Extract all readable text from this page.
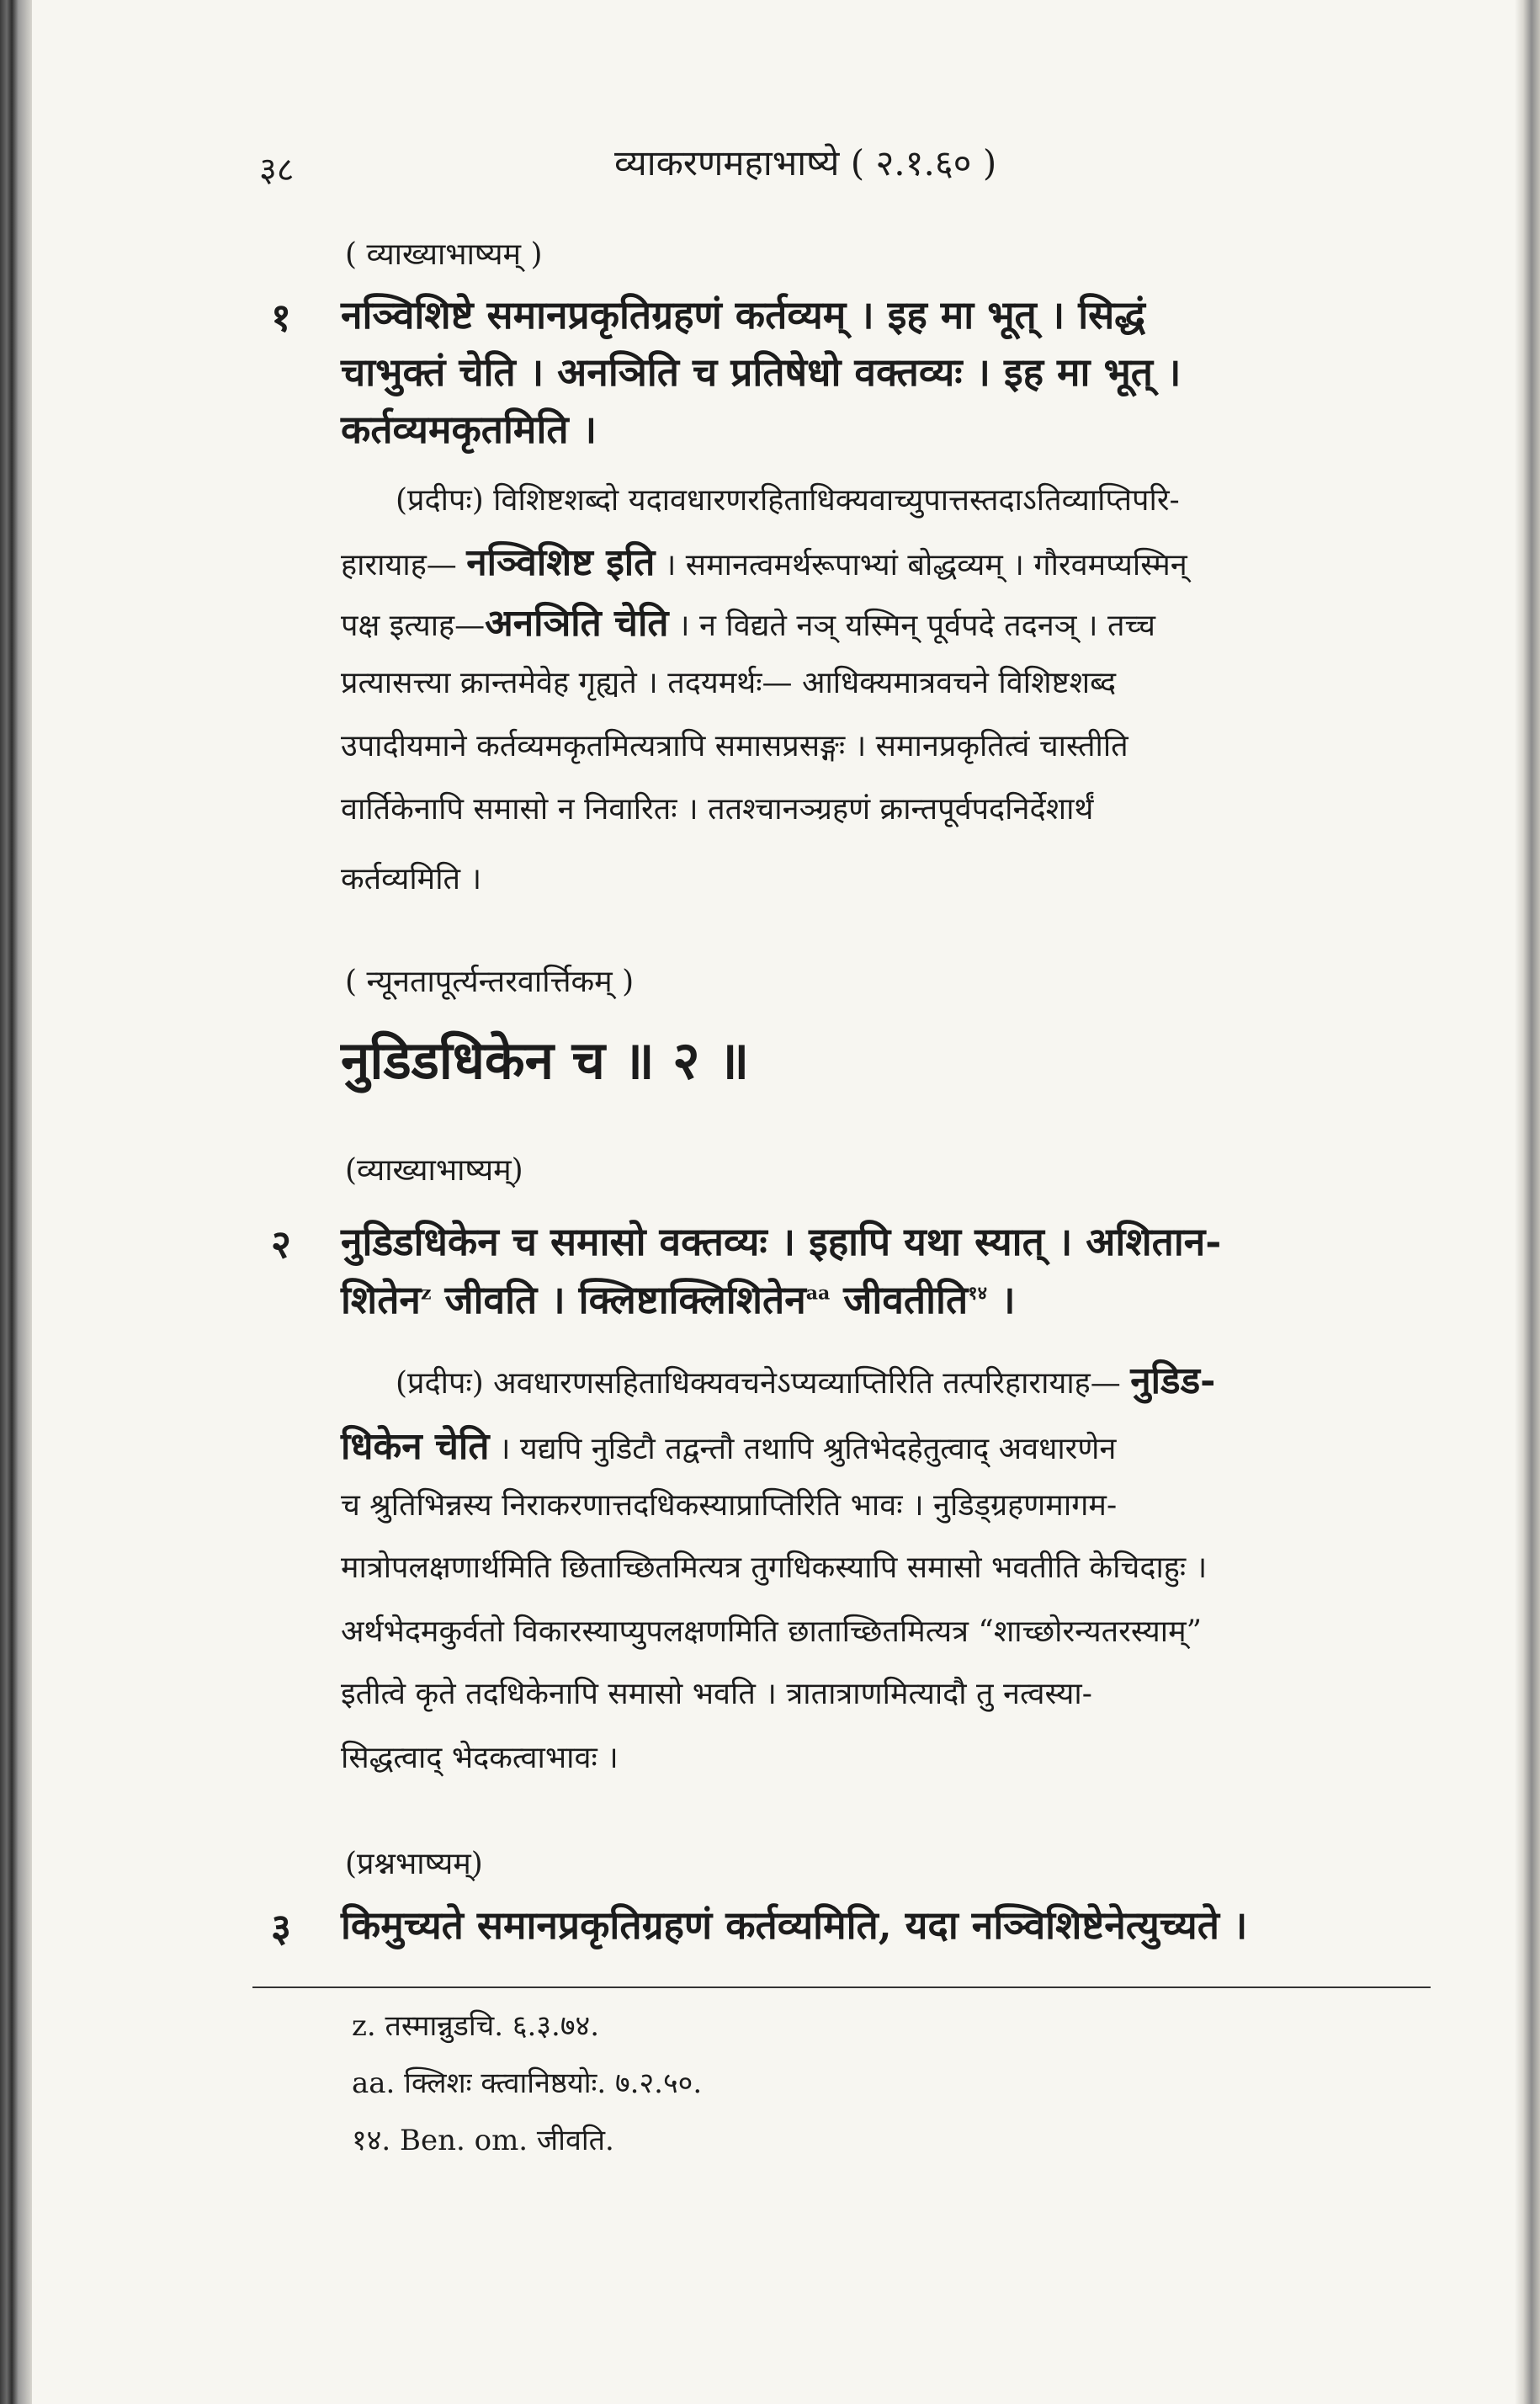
३८	व्याकरणमहाभाष्ये ( २.१.६० )
( व्याख्याभाष्यम् )
१ नञ्विशिष्टे समानप्रकृतिग्रहणं कर्तव्यम् । इह मा भूत् । सिद्धं
चाभुक्तं चेति । अनञिति च प्रतिषेधो वक्तव्यः । इह मा भूत् ।
कर्तव्यमकृतमिति ।
(प्रदीपः) विशिष्टशब्दो यदावधारणरहिताधिक्यवाच्युपात्तस्तदाऽतिव्याप्तिपरि-
हारायाह— नञ्विशिष्ट इति । समानत्वमर्थरूपाभ्यां बोद्धव्यम् । गौरवमप्यस्मिन्
पक्ष इत्याह—अनञिति चेति । न विद्यते नञ् यस्मिन् पूर्वपदे तदनञ् । तच्च
प्रत्यासत्त्या क्रान्तमेवेह गृह्यते । तदयमर्थः— आधिक्यमात्रवचने विशिष्टशब्द
उपादीयमाने कर्तव्यमकृतमित्यत्रापि समासप्रसङ्गः । समानप्रकृतित्वं चास्तीति
वार्तिकेनापि समासो न निवारितः । ततश्चानञ्ग्रहणं क्रान्तपूर्वपदनिर्देशार्थं
कर्तव्यमिति ।
( न्यूनतापूर्त्यन्तरवार्त्तिकम् )
नुडिडधिकेन च ॥ २ ॥
(व्याख्याभाष्यम्)
२ नुडिडधिकेन च समासो वक्तव्यः । इहापि यथा स्यात् । अशितान-
शितेन$^z$ जीवति । क्लिष्टाक्लिशितेन$^{aa}$ जीवतीति$^{१४}$ ।
(प्रदीपः) अवधारणसहिताधिक्यवचनेऽप्यव्याप्तिरिति तत्परिहारायाह— नुडिड-
धिकेन चेति । यद्यपि नुडिटौ तद्वन्तौ तथापि श्रुतिभेदहेतुत्वाद् अवधारणेन
च श्रुतिभिन्नस्य निराकरणात्तदधिकस्याप्राप्तिरिति भावः । नुडिड्ग्रहणमागम-
मात्रोपलक्षणार्थमिति छिताच्छितमित्यत्र तुगधिकस्यापि समासो भवतीति केचिदाहुः ।
अर्थभेदमकुर्वतो विकारस्याप्युपलक्षणमिति छाताच्छितमित्यत्र “शाच्छोरन्यतरस्याम्”
इतीत्वे कृते तदधिकेनापि समासो भवति । त्रातात्राणमित्यादौ तु नत्वस्या-
सिद्धत्वाद् भेदकत्वाभावः ।
(प्रश्नभाष्यम्)
३ किमुच्यते समानप्रकृतिग्रहणं कर्तव्यमिति, यदा नञ्विशिष्टेनेत्युच्यते ।
z. तस्मान्नुडचि. ६.३.७४.
aa. क्लिशः क्त्वानिष्ठयोः. ७.२.५०.
१४. Ben. om. जीवति.
